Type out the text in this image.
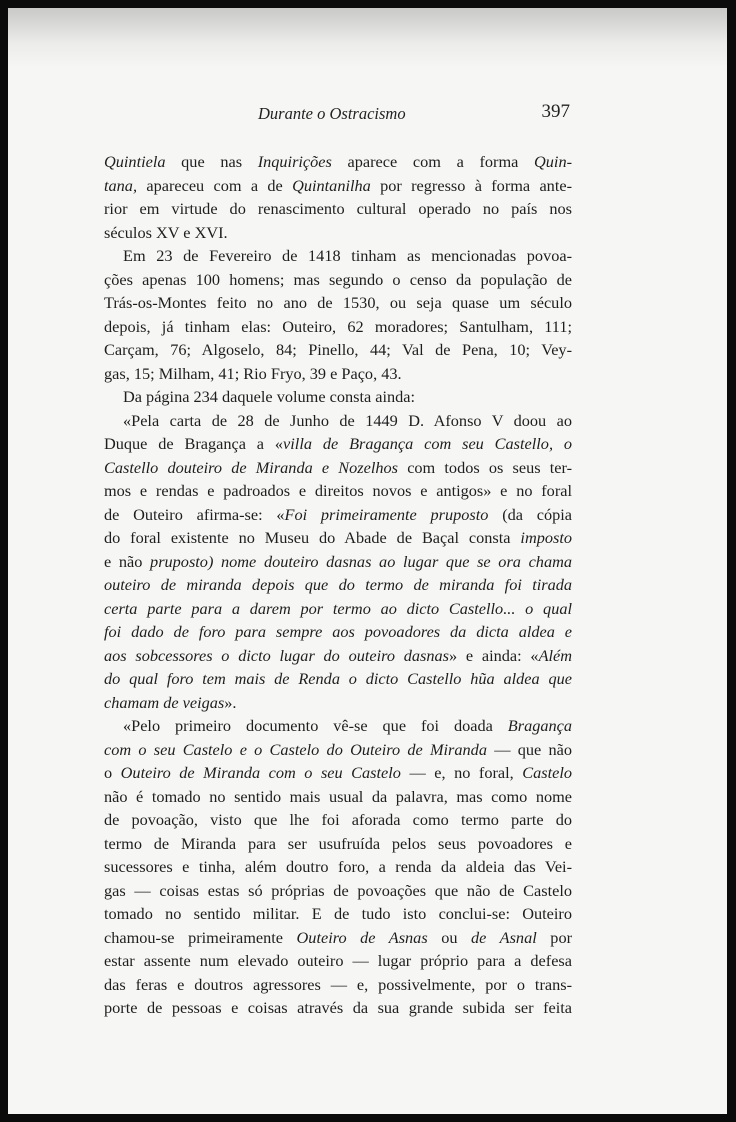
Durante o Ostracismo	397
Quintiela que nas Inquirições aparece com a forma Quin-
tana, apareceu com a de Quintanilha por regresso à forma ante-
rior em virtude do renascimento cultural operado no país nos
séculos XV e XVI.
Em 23 de Fevereiro de 1418 tinham as mencionadas povoa-
ções apenas 100 homens; mas segundo o censo da população de
Trás-os-Montes feito no ano de 1530, ou seja quase um século
depois, já tinham elas: Outeiro, 62 moradores; Santulham, 111;
Carçam, 76; Algoselo, 84; Pinello, 44; Val de Pena, 10; Vey-
gas, 15; Milham, 41; Rio Fryo, 39 e Paço, 43.
Da página 234 daquele volume consta ainda:
«Pela carta de 28 de Junho de 1449 D. Afonso V doou ao
Duque de Bragança a «villa de Bragança com seu Castello, o
Castello douteiro de Miranda e Nozelhos com todos os seus ter-
mos e rendas e padroados e direitos novos e antigos» e no foral
de Outeiro afirma-se: «Foi primeiramente pruposto (da cópia
do foral existente no Museu do Abade de Baçal consta imposto
e não pruposto) nome douteiro dasnas ao lugar que se ora chama
outeiro de miranda depois que do termo de miranda foi tirada
certa parte para a darem por termo ao dicto Castello... o qual
foi dado de foro para sempre aos povoadores da dicta aldea e
aos sobcessores o dicto lugar do outeiro dasnas» e ainda: «Além
do qual foro tem mais de Renda o dicto Castello hũa aldea que
chamam de veigas».
«Pelo primeiro documento vê-se que foi doada Bragança
com o seu Castelo e o Castelo do Outeiro de Miranda — que não
o Outeiro de Miranda com o seu Castelo — e, no foral, Castelo
não é tomado no sentido mais usual da palavra, mas como nome
de povoação, visto que lhe foi aforada como termo parte do
termo de Miranda para ser usufruída pelos seus povoadores e
sucessores e tinha, além doutro foro, a renda da aldeia das Vei-
gas — coisas estas só próprias de povoações que não de Castelo
tomado no sentido militar. E de tudo isto conclui-se: Outeiro
chamou-se primeiramente Outeiro de Asnas ou de Asnal por
estar assente num elevado outeiro — lugar próprio para a defesa
das feras e doutros agressores — e, possivelmente, por o trans-
porte de pessoas e coisas através da sua grande subida ser feita
